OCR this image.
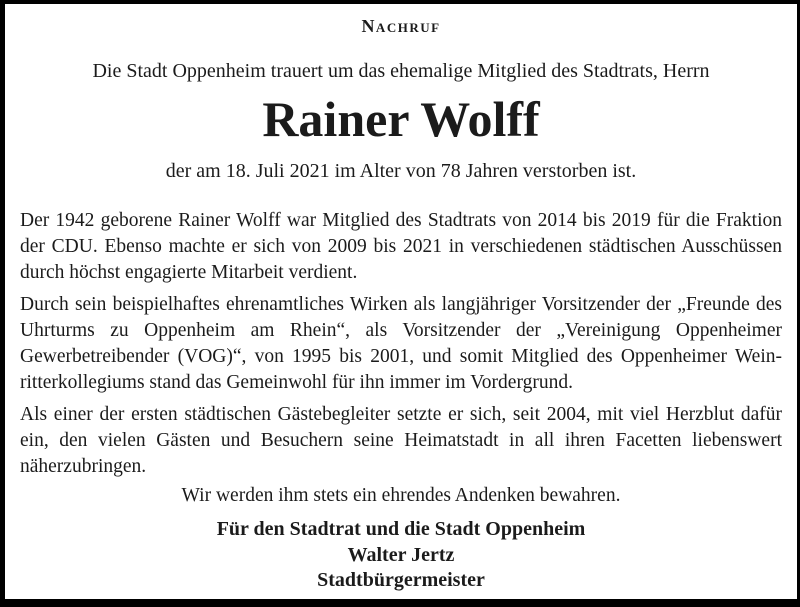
Nachruf
Die Stadt Oppenheim trauert um das ehemalige Mitglied des Stadtrats, Herrn
Rainer Wolff
der am 18. Juli 2021 im Alter von 78 Jahren verstorben ist.

Der 1942 geborene Rainer Wolff war Mitglied des Stadtrats von 2014 bis 2019 für die Fraktion der CDU. Ebenso machte er sich von 2009 bis 2021 in verschiedenen städtischen Ausschüssen durch höchst engagierte Mitarbeit verdient.

Durch sein beispielhaftes ehrenamtliches Wirken als langjähriger Vorsitzender der „Freunde des Uhrturms zu Oppenheim am Rhein“, als Vorsitzender der „Vereinigung Oppenheimer Gewerbetreibender (VOG)“, von 1995 bis 2001, und somit Mitglied des Oppenheimer Weinritterkollegiums stand das Gemeinwohl für ihn immer im Vordergrund.

Als einer der ersten städtischen Gästebegleiter setzte er sich, seit 2004, mit viel Herzblut dafür ein, den vielen Gästen und Besuchern seine Heimatstadt in all ihren Facetten liebenswert näherzubringen.

Wir werden ihm stets ein ehrendes Andenken bewahren.
Für den Stadtrat und die Stadt Oppenheim
Walter Jertz
Stadtbürgermeister
